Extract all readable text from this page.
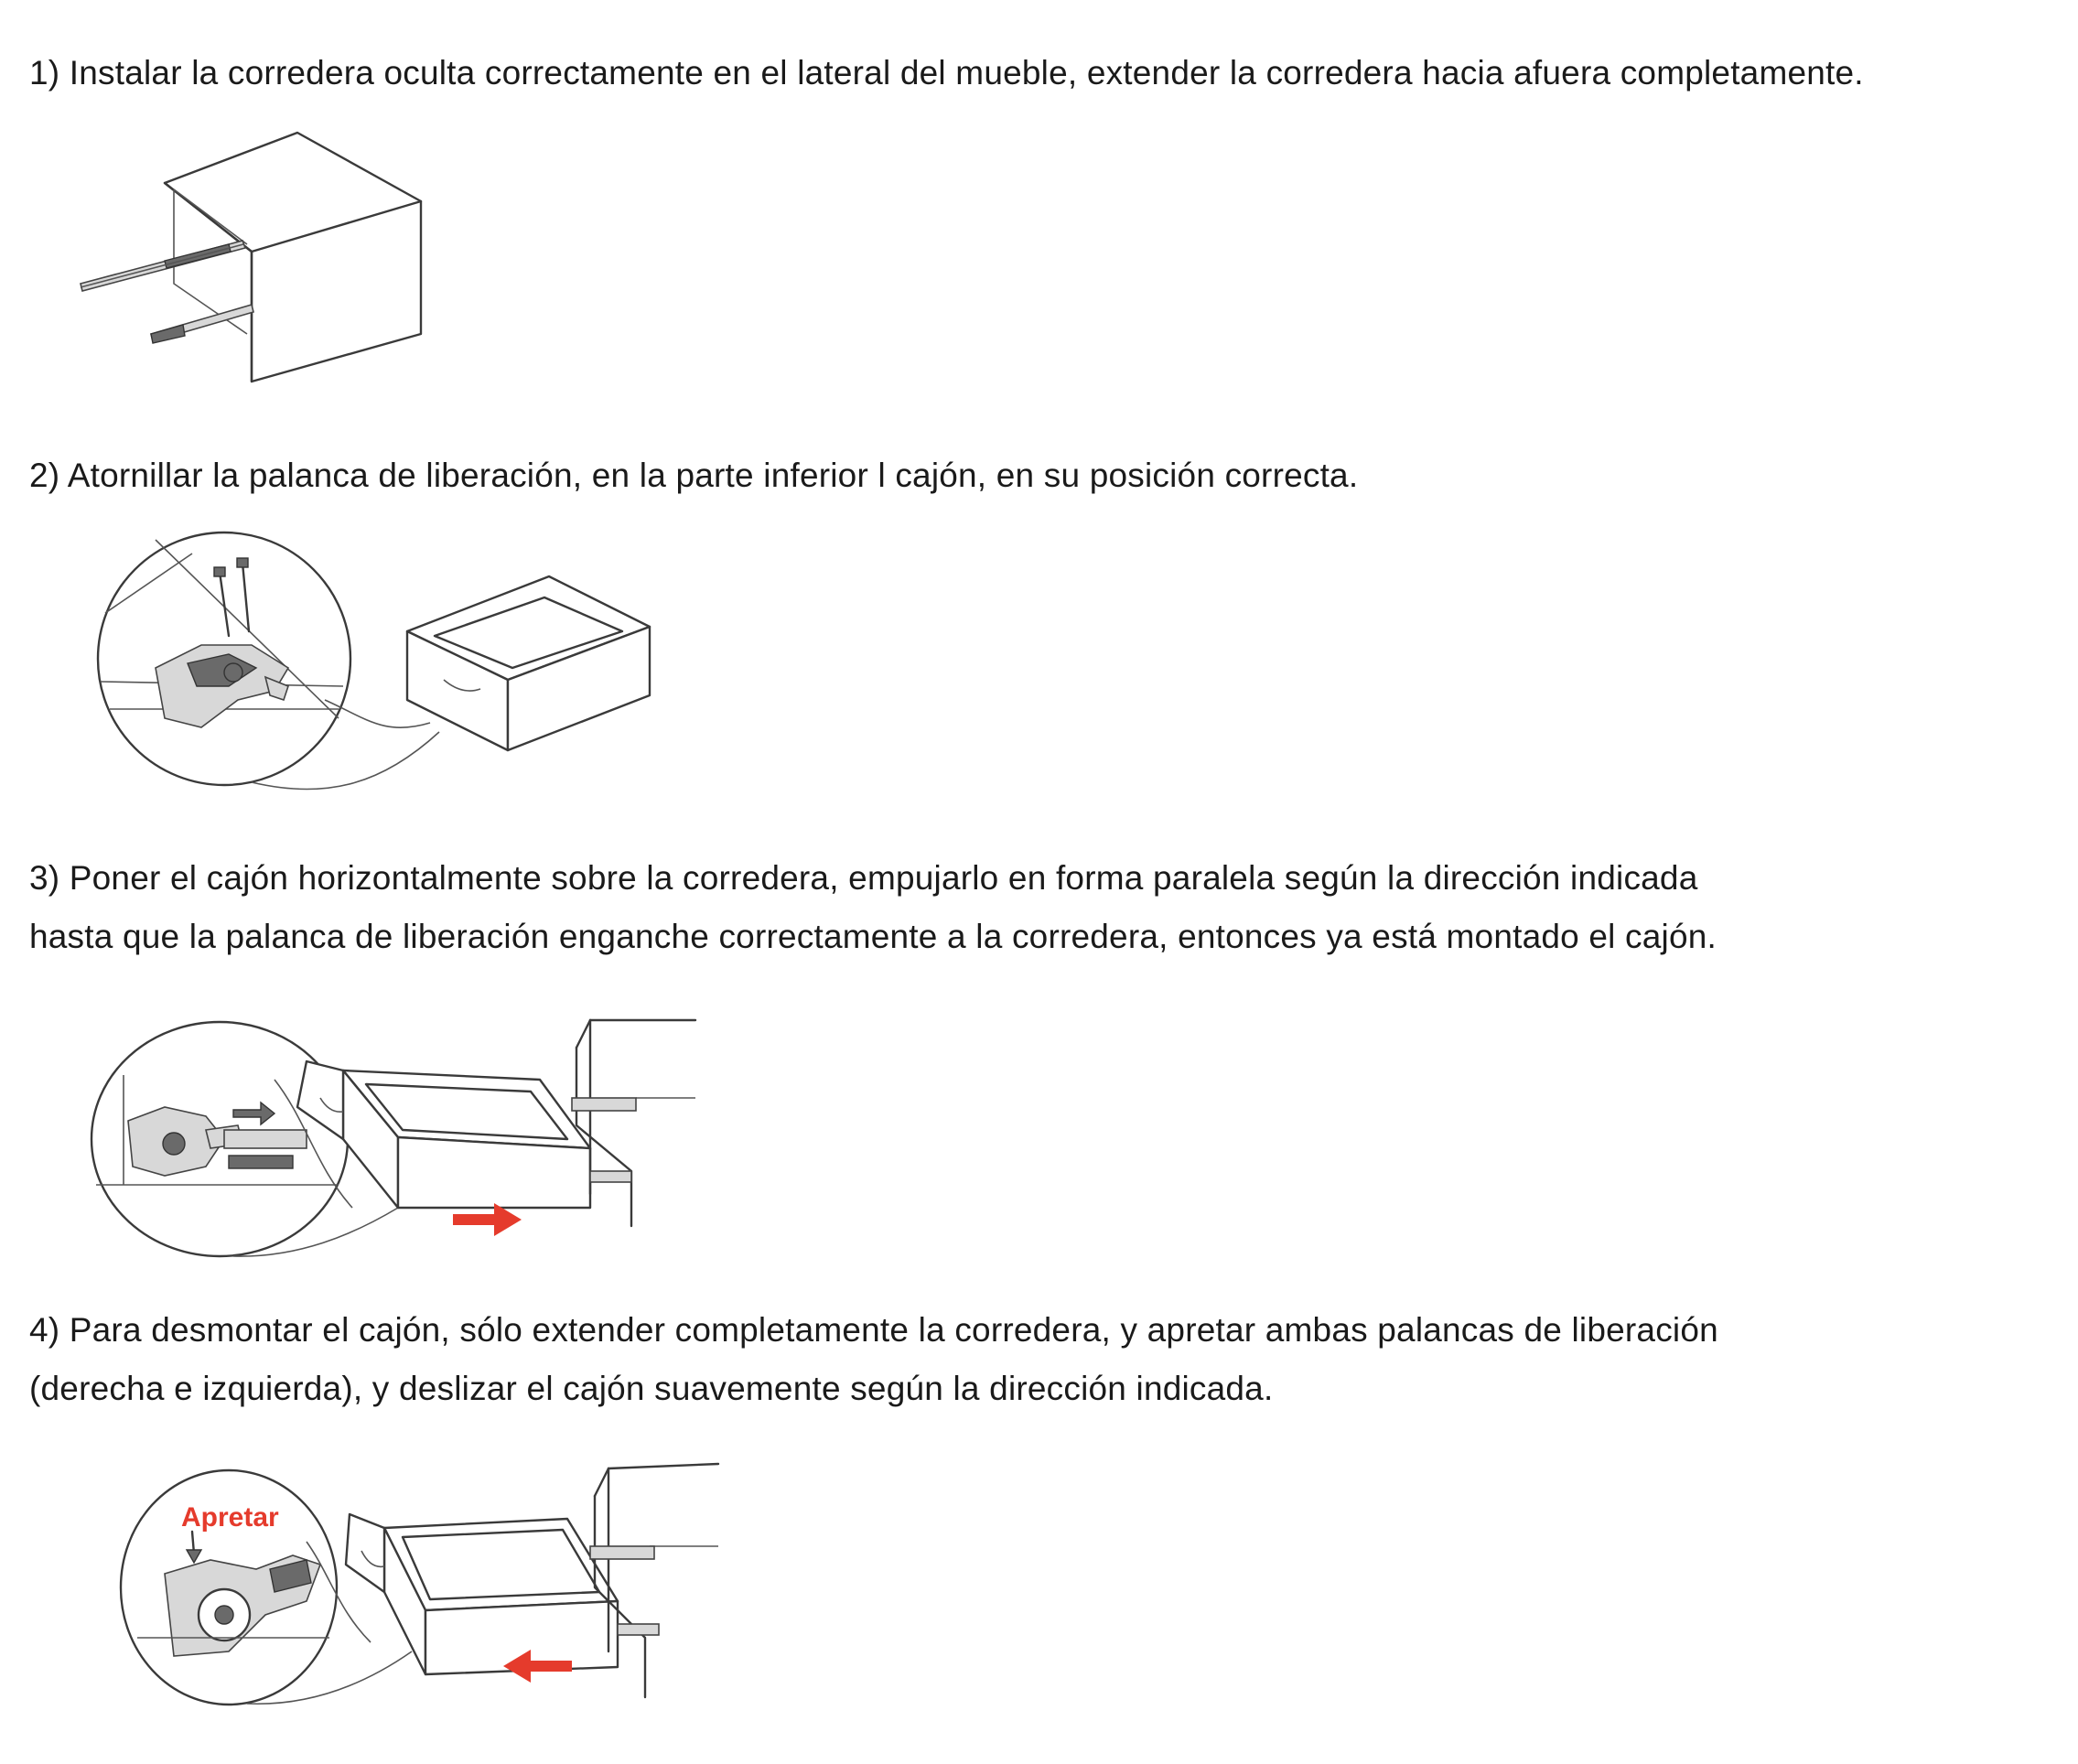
1) Instalar la corredera oculta correctamente en el lateral del mueble, extender la corredera hacia afuera completamente.
2) Atornillar la palanca de liberación, en la parte inferior l cajón, en su posición correcta.
3) Poner el cajón horizontalmente sobre la corredera, empujarlo en forma paralela según la dirección indicada
hasta que la palanca de liberación enganche correctamente a la corredera, entonces ya está montado el cajón.
4) Para desmontar el cajón, sólo extender completamente la corredera, y apretar ambas palancas de liberación
(derecha e izquierda), y deslizar el cajón suavemente según la dirección indicada.
Apretar
